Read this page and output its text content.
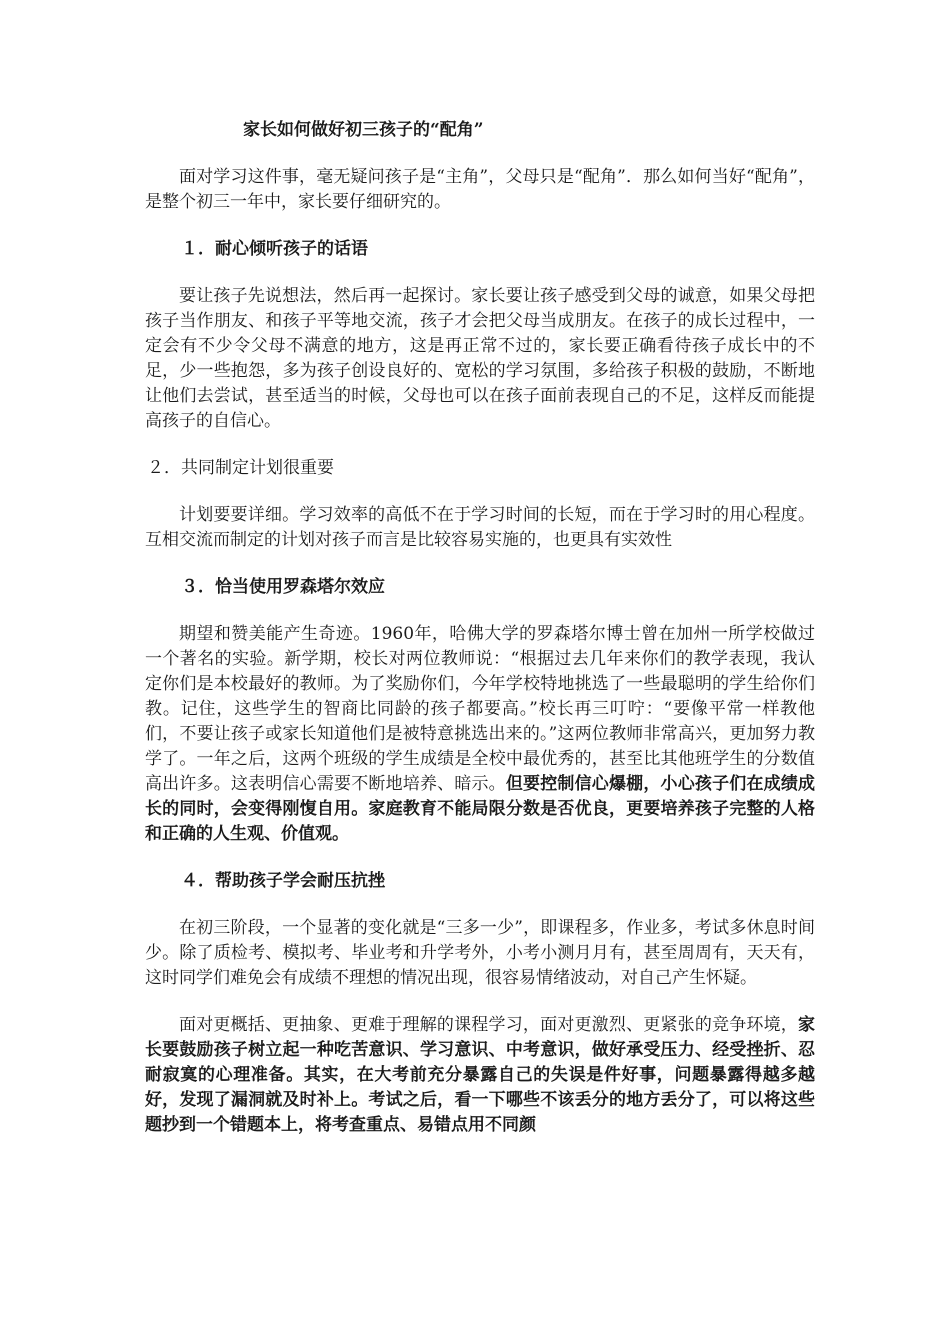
家长如何做好初三孩子的“配角”

面对学习这件事，毫无疑问孩子是“主角”，父母只是“配角”．那么如何当好“配角”，是整个初三一年中，家长要仔细研究的。

１．耐心倾听孩子的话语

要让孩子先说想法，然后再一起探讨。家长要让孩子感受到父母的诚意，如果父母把孩子当作朋友、和孩子平等地交流，孩子才会把父母当成朋友。在孩子的成长过程中，一定会有不少令父母不满意的地方，这是再正常不过的，家长要正确看待孩子成长中的不足，少一些抱怨，多为孩子创设良好的、宽松的学习氛围，多给孩子积极的鼓励，不断地让他们去尝试，甚至适当的时候，父母也可以在孩子面前表现自己的不足，这样反而能提高孩子的自信心。

２．共同制定计划很重要

计划要要详细。学习效率的高低不在于学习时间的长短，而在于学习时的用心程度。互相交流而制定的计划对孩子而言是比较容易实施的，也更具有实效性

３．恰当使用罗森塔尔效应

期望和赞美能产生奇迹。1960年，哈佛大学的罗森塔尔博士曾在加州一所学校做过一个著名的实验。新学期，校长对两位教师说：“根据过去几年来你们的教学表现，我认定你们是本校最好的教师。为了奖励你们，今年学校特地挑选了一些最聪明的学生给你们教。记住，这些学生的智商比同龄的孩子都要高。”校长再三叮咛：“要像平常一样教他们，不要让孩子或家长知道他们是被特意挑选出来的。”这两位教师非常高兴，更加努力教学了。一年之后，这两个班级的学生成绩是全校中最优秀的，甚至比其他班学生的分数值高出许多。这表明信心需要不断地培养、暗示。但要控制信心爆棚，小心孩子们在成绩成长的同时，会变得刚愎自用。家庭教育不能局限分数是否优良，更要培养孩子完整的人格和正确的人生观、价值观。

４．帮助孩子学会耐压抗挫

在初三阶段，一个显著的变化就是“三多一少”，即课程多，作业多，考试多休息时间少。除了质检考、模拟考、毕业考和升学考外，小考小测月月有，甚至周周有，天天有，这时同学们难免会有成绩不理想的情况出现，很容易情绪波动，对自己产生怀疑。

面对更概括、更抽象、更难于理解的课程学习，面对更激烈、更紧张的竞争环境，家长要鼓励孩子树立起一种吃苦意识、学习意识、中考意识，做好承受压力、经受挫折、忍耐寂寞的心理准备。其实，在大考前充分暴露自己的失误是件好事，问题暴露得越多越好，发现了漏洞就及时补上。考试之后，看一下哪些不该丢分的地方丢分了，可以将这些题抄到一个错题本上，将考查重点、易错点用不同颜
